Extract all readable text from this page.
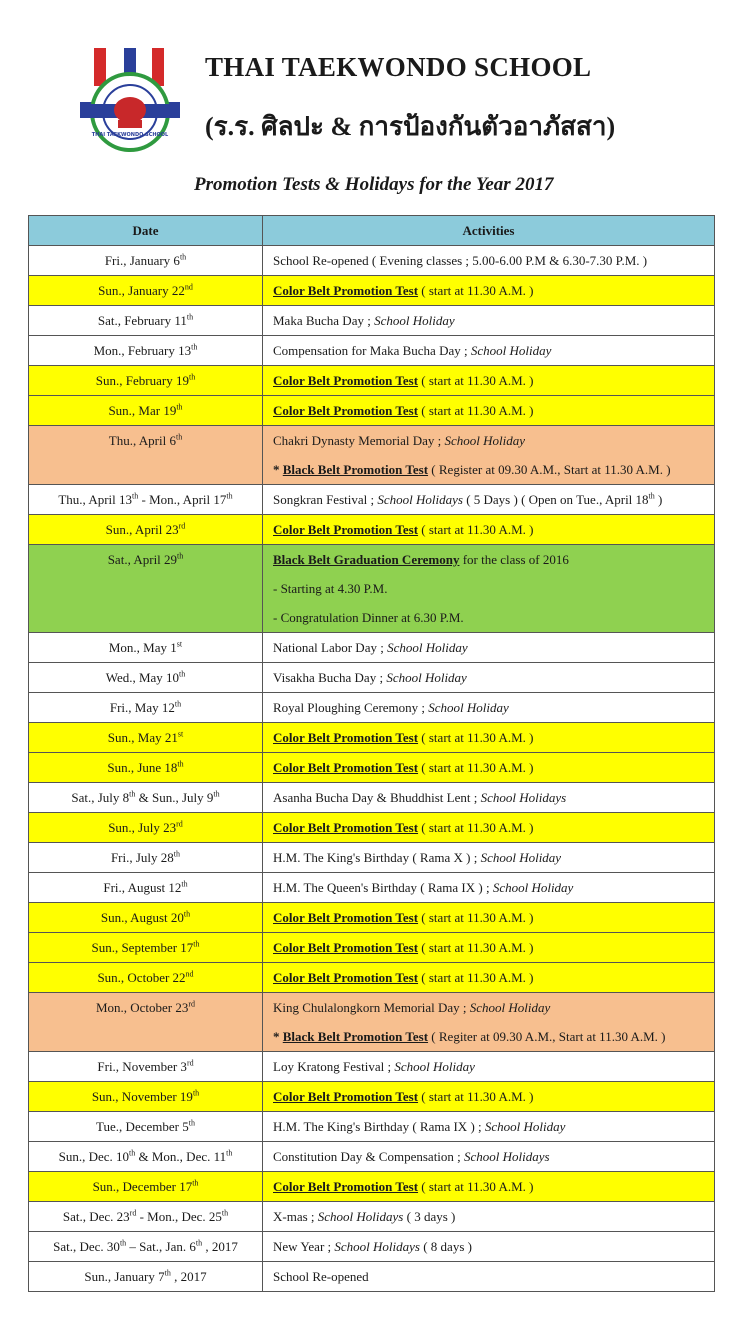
THAI TAEKWONDO SCHOOL
THAI TAEKWONDO SCHOOL
(ร.ร. ศิลปะ & การป้องกันตัวอาภัสสา)
Promotion Tests & Holidays for the Year 2017
Date	Activities
Fri., January 6th	School Re-opened ( Evening classes ; 5.00-6.00 P.M & 6.30-7.30 P.M. )

Sun., January 22nd	Color Belt Promotion Test ( start at 11.30 A.M. )

Sat., February 11th	Maka Bucha Day ; School Holiday

Mon., February 13th	Compensation for Maka Bucha Day ; School Holiday

Sun., February 19th	Color Belt Promotion Test ( start at 11.30 A.M. )

Sun., Mar 19th	Color Belt Promotion Test ( start at 11.30 A.M. )

Thu., April 6th	Chakri Dynasty Memorial Day ; School Holiday
* Black Belt Promotion Test ( Register at 09.30 A.M., Start at 11.30 A.M. )

Thu., April 13th - Mon., April 17th	Songkran Festival ; School Holidays ( 5 Days ) ( Open on Tue., April 18th )

Sun., April 23rd	Color Belt Promotion Test ( start at 11.30 A.M. )

Sat., April 29th	Black Belt Graduation Ceremony for the class of 2016
- Starting at 4.30 P.M.
- Congratulation Dinner at 6.30 P.M.

Mon., May 1st	National Labor Day ; School Holiday

Wed., May 10th	Visakha Bucha Day ; School Holiday

Fri., May 12th	Royal Ploughing Ceremony ; School Holiday

Sun., May 21st	Color Belt Promotion Test ( start at 11.30 A.M. )

Sun., June 18th	Color Belt Promotion Test ( start at 11.30 A.M. )

Sat., July 8th & Sun., July 9th	Asanha Bucha Day & Bhuddhist Lent ; School Holidays

Sun., July 23rd	Color Belt Promotion Test ( start at 11.30 A.M. )

Fri., July 28th	H.M. The King's Birthday ( Rama X ) ; School Holiday

Fri., August 12th	H.M. The Queen's Birthday ( Rama IX ) ; School Holiday

Sun., August 20th	Color Belt Promotion Test ( start at 11.30 A.M. )

Sun., September 17th	Color Belt Promotion Test ( start at 11.30 A.M. )

Sun., October 22nd	Color Belt Promotion Test ( start at 11.30 A.M. )

Mon., October 23rd	King Chulalongkorn Memorial Day ; School Holiday
* Black Belt Promotion Test ( Regiter at 09.30 A.M., Start at 11.30 A.M. )

Fri., November 3rd	Loy Kratong Festival ; School Holiday

Sun., November 19th	Color Belt Promotion Test ( start at 11.30 A.M. )

Tue., December 5th	H.M. The King's Birthday ( Rama IX ) ; School Holiday

Sun., Dec. 10th & Mon., Dec. 11th	Constitution Day & Compensation ; School Holidays

Sun., December 17th	Color Belt Promotion Test ( start at 11.30 A.M. )

Sat., Dec. 23rd - Mon., Dec. 25th	X-mas ; School Holidays ( 3 days )

Sat., Dec. 30th – Sat., Jan. 6th , 2017	New Year ; School Holidays ( 8 days )

Sun., January 7th , 2017	School Re-opened
